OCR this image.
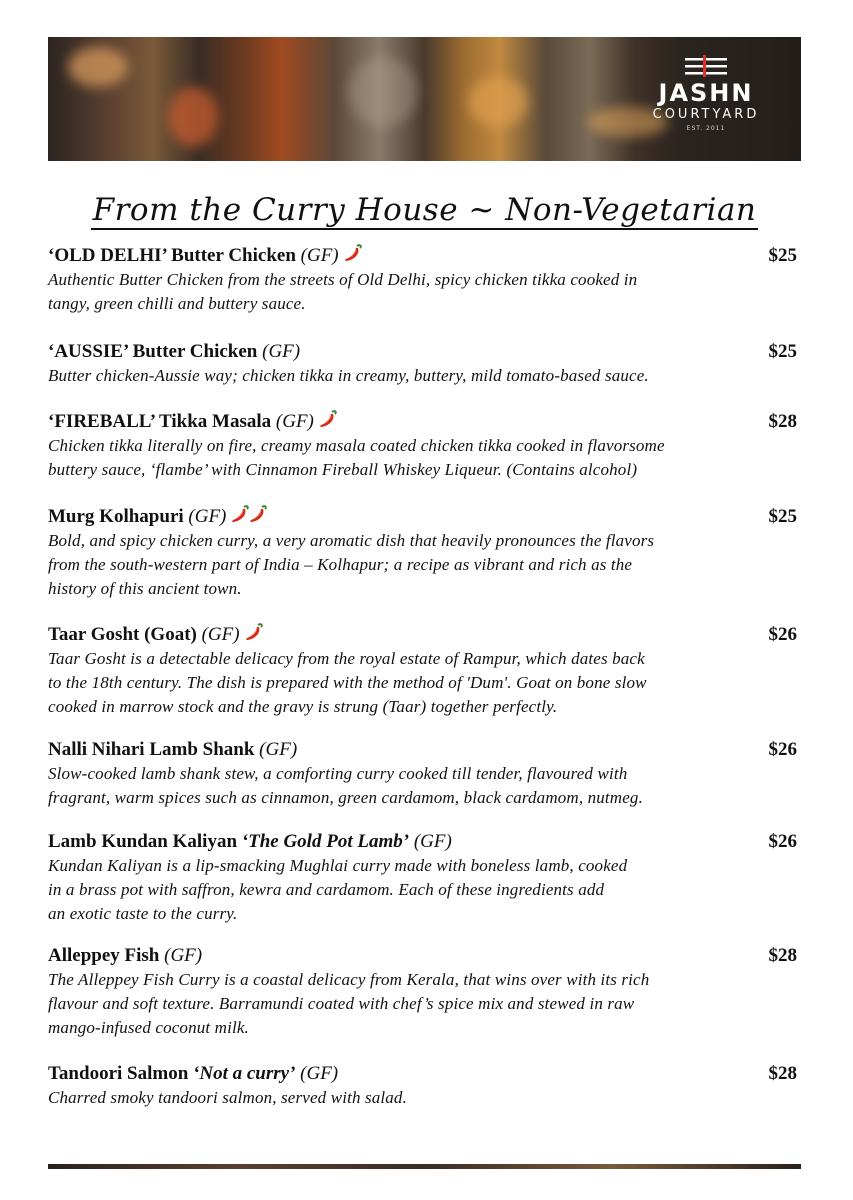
JASHN
COURTYARD
EST. 2011
From the Curry House ~ Non-Vegetarian
‘OLD DELHI’ Butter Chicken (GF)	$25
Authentic Butter Chicken from the streets of Old Delhi, spicy chicken tikka cooked in
tangy, green chilli and buttery sauce.
‘AUSSIE’ Butter Chicken (GF)	$25
Butter chicken-Aussie way; chicken tikka in creamy, buttery, mild tomato-based sauce.
‘FIREBALL’ Tikka Masala (GF)	$28
Chicken tikka literally on fire, creamy masala coated chicken tikka cooked in flavorsome
buttery sauce, ‘flambe’ with Cinnamon Fireball Whiskey Liqueur. (Contains alcohol)
Murg Kolhapuri (GF)	$25
Bold, and spicy chicken curry, a very aromatic dish that heavily pronounces the flavors
from the south-western part of India – Kolhapur; a recipe as vibrant and rich as the
history of this ancient town.
Taar Gosht (Goat) (GF)	$26
Taar Gosht is a detectable delicacy from the royal estate of Rampur, which dates back
to the 18th century. The dish is prepared with the method of 'Dum'. Goat on bone slow
cooked in marrow stock and the gravy is strung (Taar) together perfectly.
Nalli Nihari Lamb Shank (GF)	$26
Slow-cooked lamb shank stew, a comforting curry cooked till tender, flavoured with
fragrant, warm spices such as cinnamon, green cardamom, black cardamom, nutmeg.
Lamb Kundan Kaliyan ‘The Gold Pot Lamb’ (GF)	$26
Kundan Kaliyan is a lip-smacking Mughlai curry made with boneless lamb, cooked
in a brass pot with saffron, kewra and cardamom. Each of these ingredients add
an exotic taste to the curry.
Alleppey Fish (GF)	$28
The Alleppey Fish Curry is a coastal delicacy from Kerala, that wins over with its rich
flavour and soft texture. Barramundi coated with chef’s spice mix and stewed in raw
mango-infused coconut milk.
Tandoori Salmon ‘Not a curry’ (GF)	$28
Charred smoky tandoori salmon, served with salad.
